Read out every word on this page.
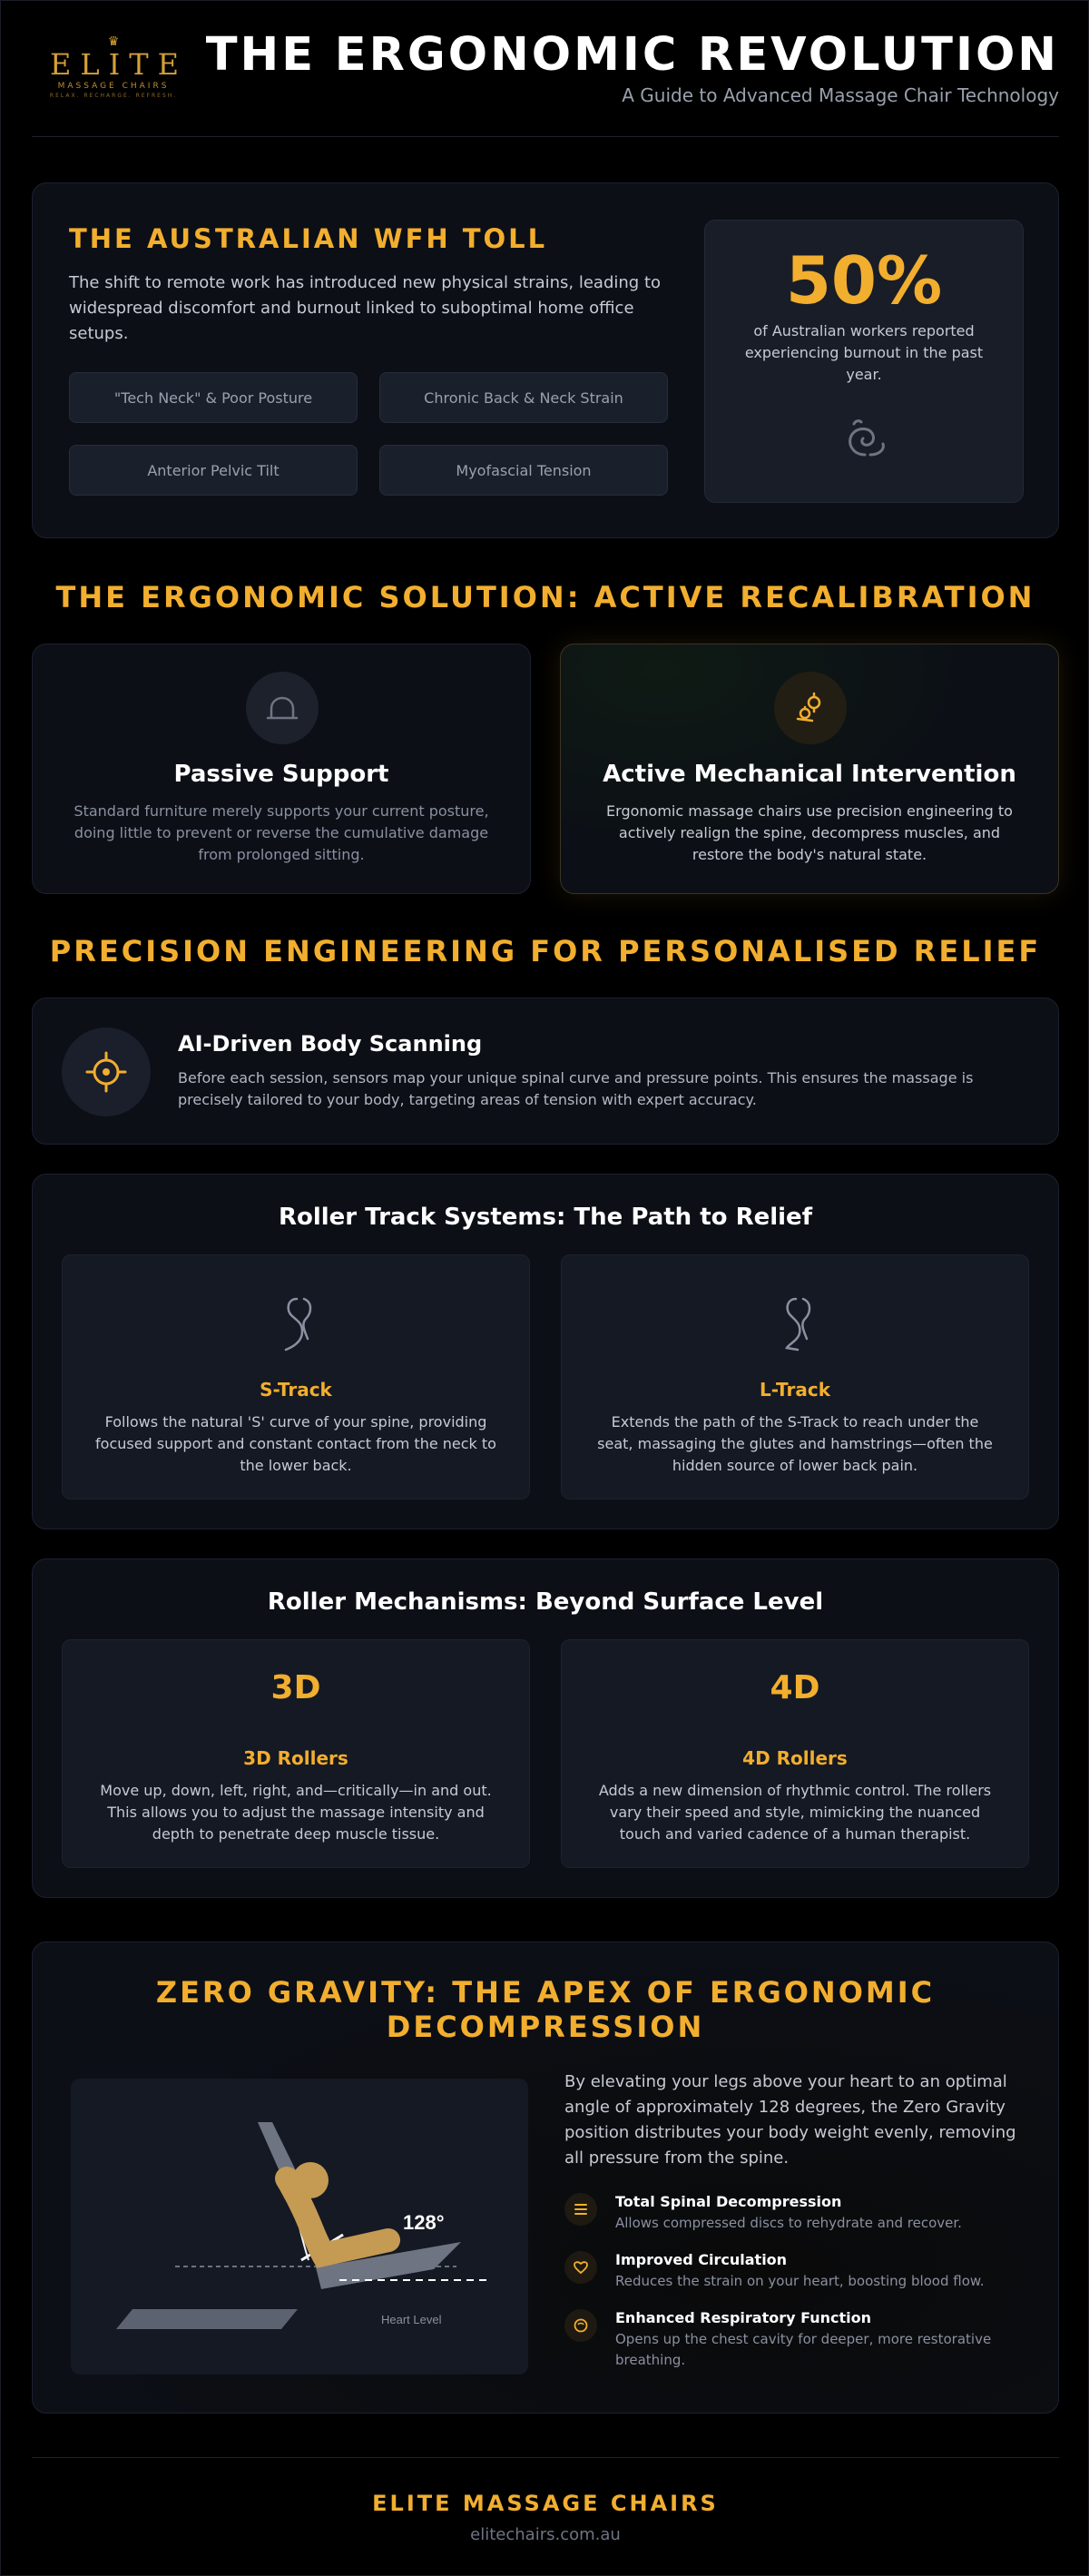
♛
ELITE
MASSAGE CHAIRS
RELAX. RECHARGE. REFRESH.
THE ERGONOMIC REVOLUTION
A Guide to Advanced Massage Chair Technology
THE AUSTRALIAN WFH TOLL

The shift to remote work has introduced new physical strains, leading to widespread discomfort and burnout linked to suboptimal home office setups.

"Tech Neck" & Poor Posture	Chronic Back & Neck Strain
Anterior Pelvic Tilt	Myofascial Tension
50%
of Australian workers reported experiencing burnout in the past year.
THE ERGONOMIC SOLUTION: ACTIVE RECALIBRATION
Passive Support

Standard furniture merely supports your current posture, doing little to prevent or reverse the cumulative damage from prolonged sitting.

Active Mechanical Intervention

Ergonomic massage chairs use precision engineering to actively realign the spine, decompress muscles, and restore the body's natural state.

PRECISION ENGINEERING FOR PERSONALISED RELIEF
AI-Driven Body Scanning

Before each session, sensors map your unique spinal curve and pressure points. This ensures the massage is precisely tailored to your body, targeting areas of tension with expert accuracy.

Roller Track Systems: The Path to Relief
S-Track
Follows the natural 'S' curve of your spine, providing focused support and constant contact from the neck to the lower back.
L-Track
Extends the path of the S-Track to reach under the seat, massaging the glutes and hamstrings—often the hidden source of lower back pain.
Roller Mechanisms: Beyond Surface Level
3D
3D Rollers
Move up, down, left, right, and—critically—in and out. This allows you to adjust the massage intensity and depth to penetrate deep muscle tissue.
4D
4D Rollers
Adds a new dimension of rhythmic control. The rollers vary their speed and style, mimicking the nuanced touch and varied cadence of a human therapist.
ZERO GRAVITY: THE APEX OF ERGONOMIC DECOMPRESSION
128°
Heart Level
By elevating your legs above your heart to an optimal angle of approximately 128 degrees, the Zero Gravity position distributes your body weight evenly, removing all pressure from the spine.
Total Spinal Decompression
Allows compressed discs to rehydrate and recover.
Improved Circulation
Reduces the strain on your heart, boosting blood flow.
Enhanced Respiratory Function
Opens up the chest cavity for deeper, more restorative breathing.
ELITE MASSAGE CHAIRS
elitechairs.com.au
